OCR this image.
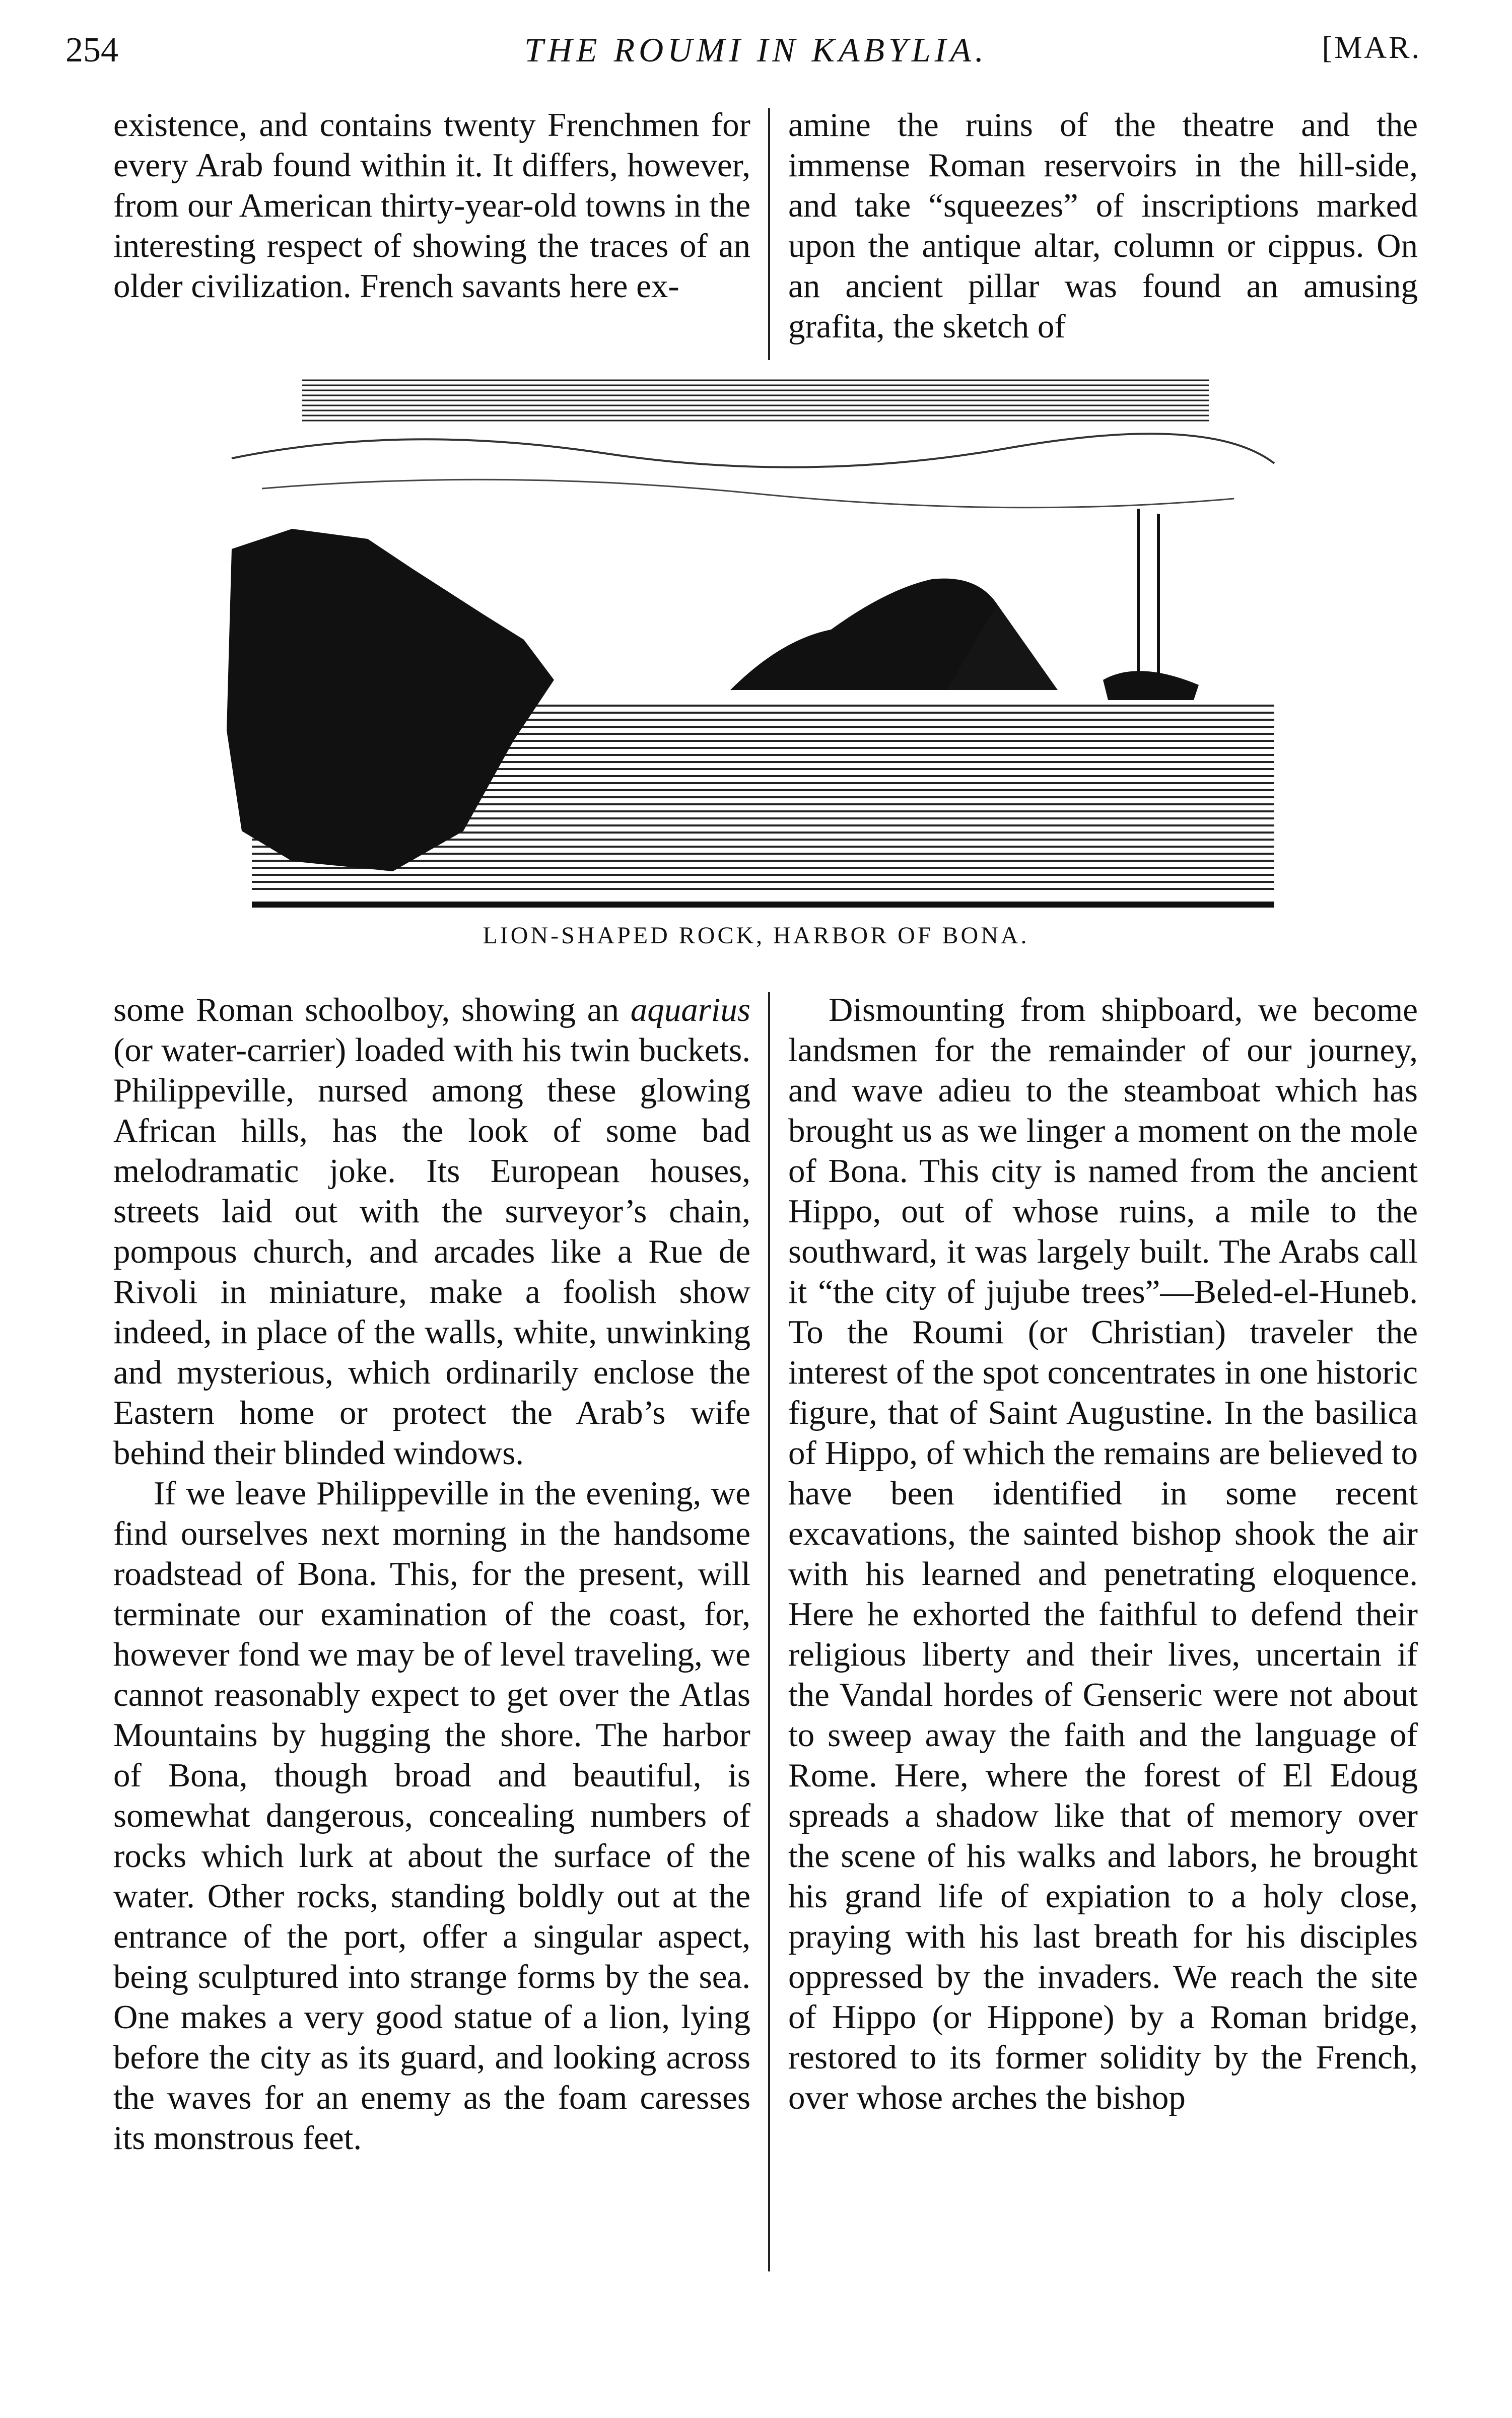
254	THE ROUMI IN KABYLIA.	[MAR.

existence, and contains twenty Frenchmen for every Arab found within it. It differs, however, from our American thirty-year-old towns in the interesting respect of showing the traces of an older civilization. French savants here ex-

amine the ruins of the theatre and the immense Roman reservoirs in the hill-side, and take “squeezes” of inscriptions marked upon the antique altar, column or cippus. On an ancient pillar was found an amusing grafita, the sketch of

LION-SHAPED ROCK, HARBOR OF BONA.

some Roman schoolboy, showing an aquarius (or water-carrier) loaded with his twin buckets. Philippeville, nursed among these glowing African hills, has the look of some bad melodramatic joke. Its European houses, streets laid out with the surveyor’s chain, pompous church, and arcades like a Rue de Rivoli in miniature, make a foolish show indeed, in place of the walls, white, unwinking and mysterious, which ordinarily enclose the Eastern home or protect the Arab’s wife behind their blinded windows.

If we leave Philippeville in the evening, we find ourselves next morning in the handsome roadstead of Bona. This, for the present, will terminate our examination of the coast, for, however fond we may be of level traveling, we cannot reasonably expect to get over the Atlas Mountains by hugging the shore. The harbor of Bona, though broad and beautiful, is somewhat dangerous, concealing numbers of rocks which lurk at about the surface of the water. Other rocks, standing boldly out at the entrance of the port, offer a singular aspect, being sculptured into strange forms by the sea. One makes a very good statue of a lion, lying before the city as its guard, and looking across the waves for an enemy as the foam caresses its monstrous feet.

Dismounting from shipboard, we become landsmen for the remainder of our journey, and wave adieu to the steamboat which has brought us as we linger a moment on the mole of Bona. This city is named from the ancient Hippo, out of whose ruins, a mile to the southward, it was largely built. The Arabs call it “the city of jujube trees”—Beled-el-Huneb. To the Roumi (or Christian) traveler the interest of the spot concentrates in one historic figure, that of Saint Augustine. In the basilica of Hippo, of which the remains are believed to have been identified in some recent excavations, the sainted bishop shook the air with his learned and penetrating eloquence. Here he exhorted the faithful to defend their religious liberty and their lives, uncertain if the Vandal hordes of Genseric were not about to sweep away the faith and the language of Rome. Here, where the forest of El Edoug spreads a shadow like that of memory over the scene of his walks and labors, he brought his grand life of expiation to a holy close, praying with his last breath for his disciples oppressed by the invaders. We reach the site of Hippo (or Hippone) by a Roman bridge, restored to its former solidity by the French, over whose arches the bishop
